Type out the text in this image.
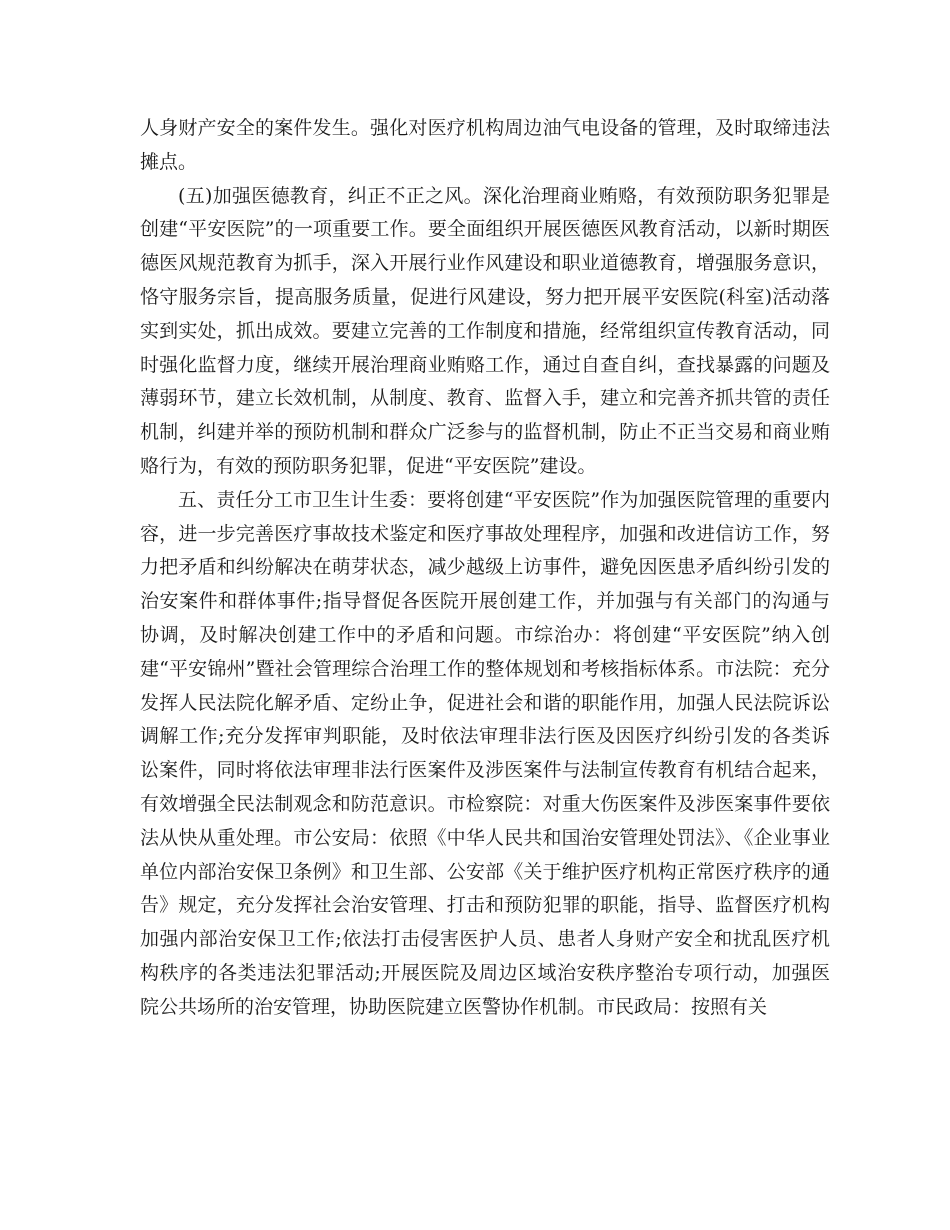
人身财产安全的案件发生。强化对医疗机构周边油气电设备的管理，及时取缔违法摊点。

(五)加强医德教育，纠正不正之风。深化治理商业贿赂，有效预防职务犯罪是创建“平安医院”的一项重要工作。要全面组织开展医德医风教育活动，以新时期医德医风规范教育为抓手，深入开展行业作风建设和职业道德教育，增强服务意识，恪守服务宗旨，提高服务质量，促进行风建设，努力把开展平安医院(科室)活动落实到实处，抓出成效。要建立完善的工作制度和措施，经常组织宣传教育活动，同时强化监督力度，继续开展治理商业贿赂工作，通过自查自纠，查找暴露的问题及薄弱环节，建立长效机制，从制度、教育、监督入手，建立和完善齐抓共管的责任机制，纠建并举的预防机制和群众广泛参与的监督机制，防止不正当交易和商业贿赂行为，有效的预防职务犯罪，促进“平安医院”建设。

五、责任分工市卫生计生委：要将创建“平安医院”作为加强医院管理的重要内容，进一步完善医疗事故技术鉴定和医疗事故处理程序，加强和改进信访工作，努力把矛盾和纠纷解决在萌芽状态，减少越级上访事件，避免因医患矛盾纠纷引发的治安案件和群体事件;指导督促各医院开展创建工作，并加强与有关部门的沟通与协调，及时解决创建工作中的矛盾和问题。市综治办：将创建“平安医院”纳入创建“平安锦州”暨社会管理综合治理工作的整体规划和考核指标体系。市法院：充分发挥人民法院化解矛盾、定纷止争，促进社会和谐的职能作用，加强人民法院诉讼调解工作;充分发挥审判职能，及时依法审理非法行医及因医疗纠纷引发的各类诉讼案件，同时将依法审理非法行医案件及涉医案件与法制宣传教育有机结合起来，有效增强全民法制观念和防范意识。市检察院：对重大伤医案件及涉医案事件要依法从快从重处理。市公安局：依照《中华人民共和国治安管理处罚法》、《企业事业单位内部治安保卫条例》和卫生部、公安部《关于维护医疗机构正常医疗秩序的通告》规定，充分发挥社会治安管理、打击和预防犯罪的职能，指导、监督医疗机构加强内部治安保卫工作;依法打击侵害医护人员、患者人身财产安全和扰乱医疗机构秩序的各类违法犯罪活动;开展医院及周边区域治安秩序整治专项行动，加强医院公共场所的治安管理，协助医院建立医警协作机制。市民政局：按照有关
